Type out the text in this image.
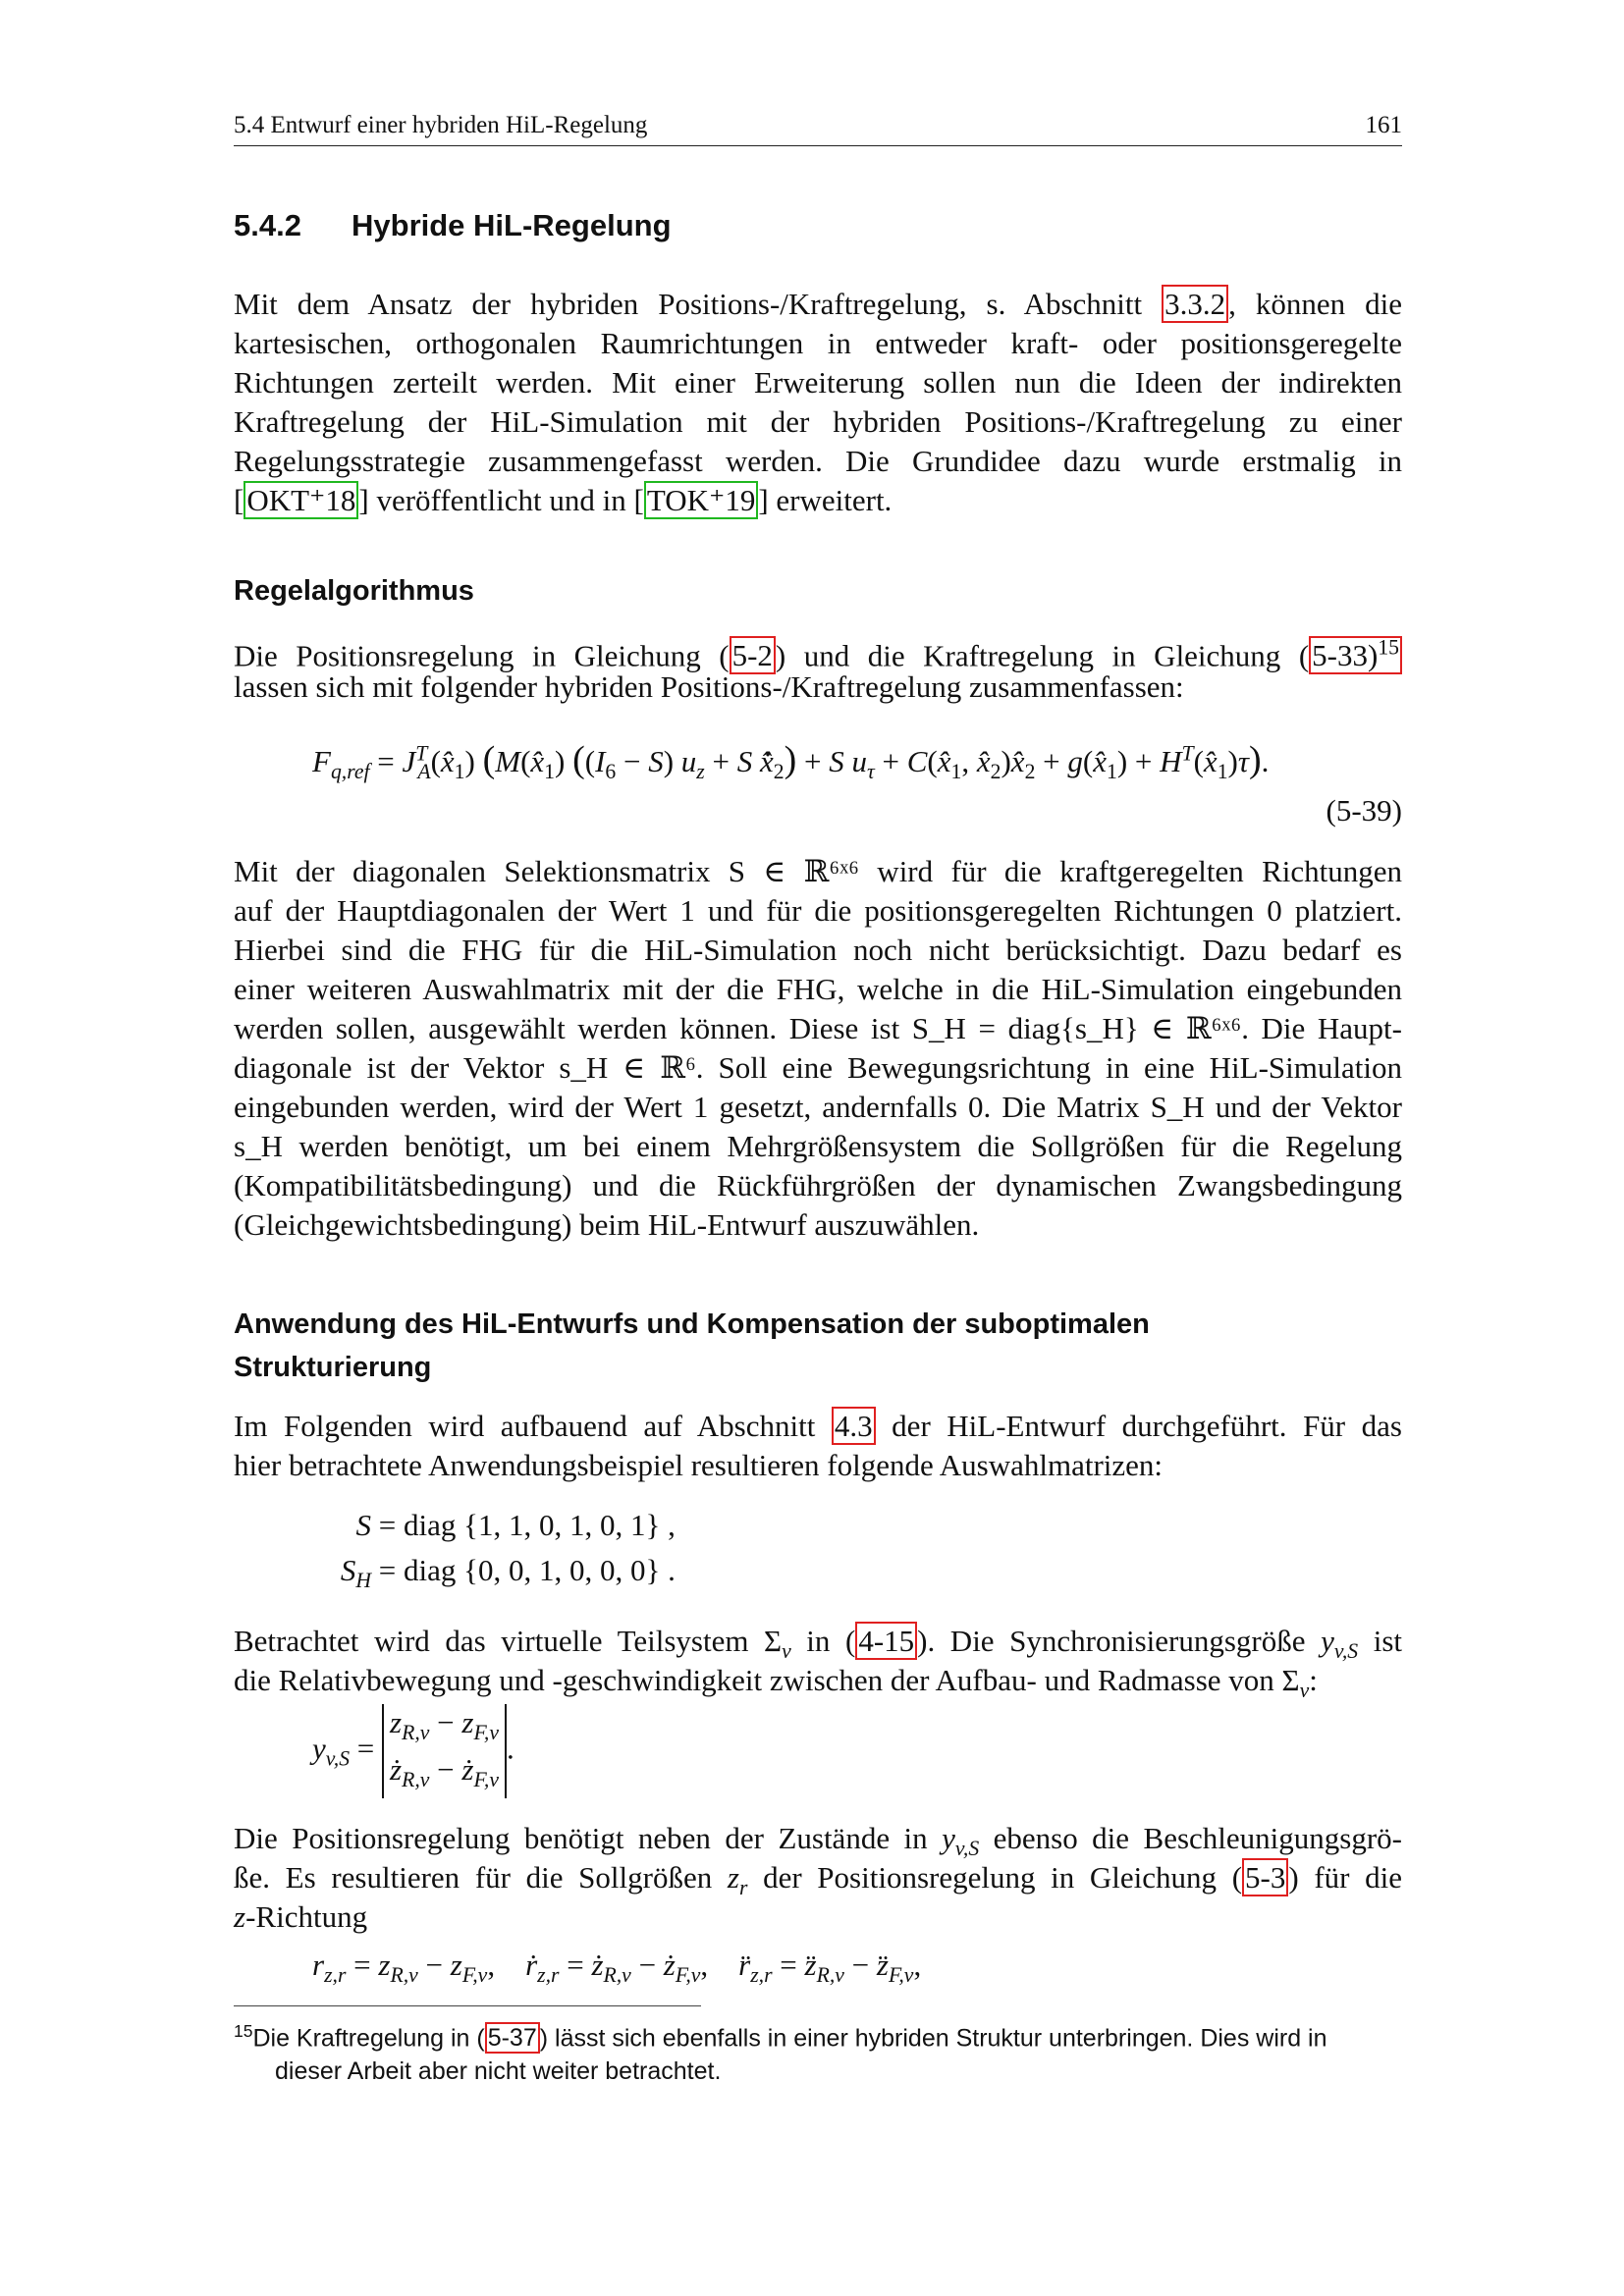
5.4 Entwurf einer hybriden HiL-Regelung	161
5.4.2 Hybride HiL-Regelung
Mit dem Ansatz der hybriden Positions-/Kraftregelung, s. Abschnitt 3.3.2, können die
kartesischen, orthogonalen Raumrichtungen in entweder kraft- oder positionsgeregelte
Richtungen zerteilt werden. Mit einer Erweiterung sollen nun die Ideen der indirekten
Kraftregelung der HiL-Simulation mit der hybriden Positions-/Kraftregelung zu einer
Regelungsstrategie zusammengefasst werden. Die Grundidee dazu wurde erstmalig in
[OKT⁺18] veröffentlicht und in [TOK⁺19] erweitert.
Regelalgorithmus
Die Positionsregelung in Gleichung (5-2) und die Kraftregelung in Gleichung $(5-33)^{15}$
lassen sich mit folgender hybriden Positions-/Kraftregelung zusammenfassen:
$F_{q,ref}$ = $J^T_A(x̂_1)$ ($M(x̂_1) ((I_6 - S) u_z + S$ $x̂̇_2) + S$ $u_\tau$ + $C(x̂_1$, $x̂_2)x̂_2$ + $g(x̂_1)$ + $H^T(x̂_1)\tau$).
(5-39)
Mit der diagonalen Selektionsmatrix S ∈ ℝ⁶ˣ⁶ wird für die kraftgeregelten Richtungen
auf der Hauptdiagonalen der Wert 1 und für die positionsgeregelten Richtungen 0 platziert.
Hierbei sind die FHG für die HiL-Simulation noch nicht berücksichtigt. Dazu bedarf es
einer weiteren Auswahlmatrix mit der die FHG, welche in die HiL-Simulation eingebunden
werden sollen, ausgewählt werden können. Diese ist S_H = diag{s_H} ∈ ℝ⁶ˣ⁶. Die Haupt-
diagonale ist der Vektor s_H ∈ ℝ⁶. Soll eine Bewegungsrichtung in eine HiL-Simulation
eingebunden werden, wird der Wert 1 gesetzt, andernfalls 0. Die Matrix S_H und der Vektor
s_H werden benötigt, um bei einem Mehrgrößensystem die Sollgrößen für die Regelung
(Kompatibilitätsbedingung) und die Rückführgrößen der dynamischen Zwangsbedingung
(Gleichgewichtsbedingung) beim HiL-Entwurf auszuwählen.
Anwendung des HiL-Entwurfs und Kompensation der suboptimalen
Strukturierung
Im Folgenden wird aufbauend auf Abschnitt 4.3 der HiL-Entwurf durchgeführt. Für das
hier betrachtete Anwendungsbeispiel resultieren folgende Auswahlmatrizen:
S = diag {1, 1, 0, 1, 0, 1} ,
$S_H$ = diag {0, 0, 1, 0, 0, 0} .
Betrachtet wird das virtuelle Teilsystem $\Sigma_v$ in (4-15). Die Synchronisierungsgröße $y_{v,S}$ ist
die Relativbewegung und -geschwindigkeit zwischen der Aufbau- und Radmasse von $\Sigma_v$:
$y_{v,S} = z_{R,v} - z_{F,v}$
$ż_{R,v}$ − $ż_{F,v}$.
Die Positionsregelung benötigt neben der Zustände in $y_{v,S}$ ebenso die Beschleunigungsgrö-
ße. Es resultieren für die Sollgrößen $z_r$ der Positionsregelung in Gleichung (5-3) für die
z-Richtung
$r_{z,r} = z_{R,v} - z_{F,v}$,    ṙ$_{z,r}$ = $ż_{R,v}$ − $ż_{F,v}$,    $r̈_{z,r}$ = $z̈_{R,v}$ − $z̈_{F,v}$,
$^{15}$Die Kraftregelung in ( 5-37 ) lässt sich ebenfalls in einer hybriden Struktur unterbringen. Dies wird in
dieser Arbeit aber nicht weiter betrachtet.
